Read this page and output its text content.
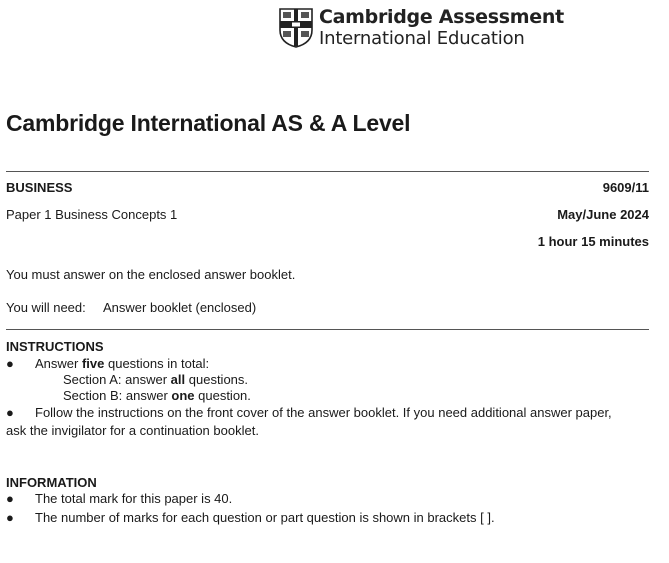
Cambridge Assessment
International Education
Cambridge International AS & A Level
BUSINESS	9609/11
Paper 1 Business Concepts 1	May/June 2024
1 hour 15 minutes
You must answer on the enclosed answer booklet.
You will need: Answer booklet (enclosed)
INSTRUCTIONS
● Answer five questions in total:
Section A: answer all questions.
Section B: answer one question.
● Follow the instructions on the front cover of the answer booklet. If you need additional answer paper,
ask the invigilator for a continuation booklet.
INFORMATION
● The total mark for this paper is 40.
● The number of marks for each question or part question is shown in brackets [ ].
